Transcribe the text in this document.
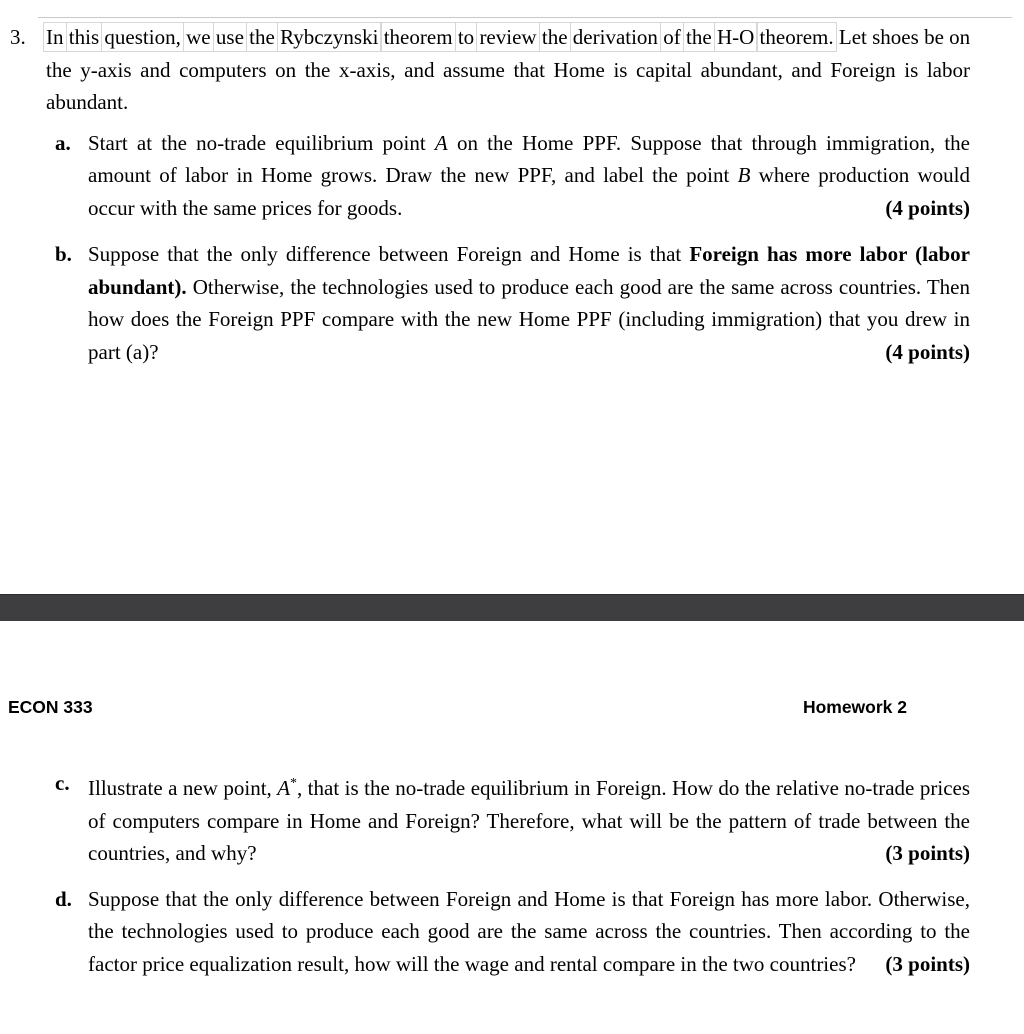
3. In this question, we use the Rybczynski theorem to review the derivation of the H-O theorem. Let shoes be on the y-axis and computers on the x-axis, and assume that Home is capital abundant, and Foreign is labor abundant.
a. Start at the no-trade equilibrium point A on the Home PPF. Suppose that through immigration, the amount of labor in Home grows. Draw the new PPF, and label the point B where production would occur with the same prices for goods.	(4 points)
b. Suppose that the only difference between Foreign and Home is that Foreign has more labor (labor abundant). Otherwise, the technologies used to produce each good are the same across countries. Then how does the Foreign PPF compare with the new Home PPF (including immigration) that you drew in part (a)?	(4 points)
ECON 333	Homework 2
c. Illustrate a new point, A*, that is the no-trade equilibrium in Foreign. How do the relative no-trade prices of computers compare in Home and Foreign? Therefore, what will be the pattern of trade between the countries, and why?	(3 points)
d. Suppose that the only difference between Foreign and Home is that Foreign has more labor. Otherwise, the technologies used to produce each good are the same across the countries. Then according to the factor price equalization result, how will the wage and rental compare in the two countries?	(3 points)
